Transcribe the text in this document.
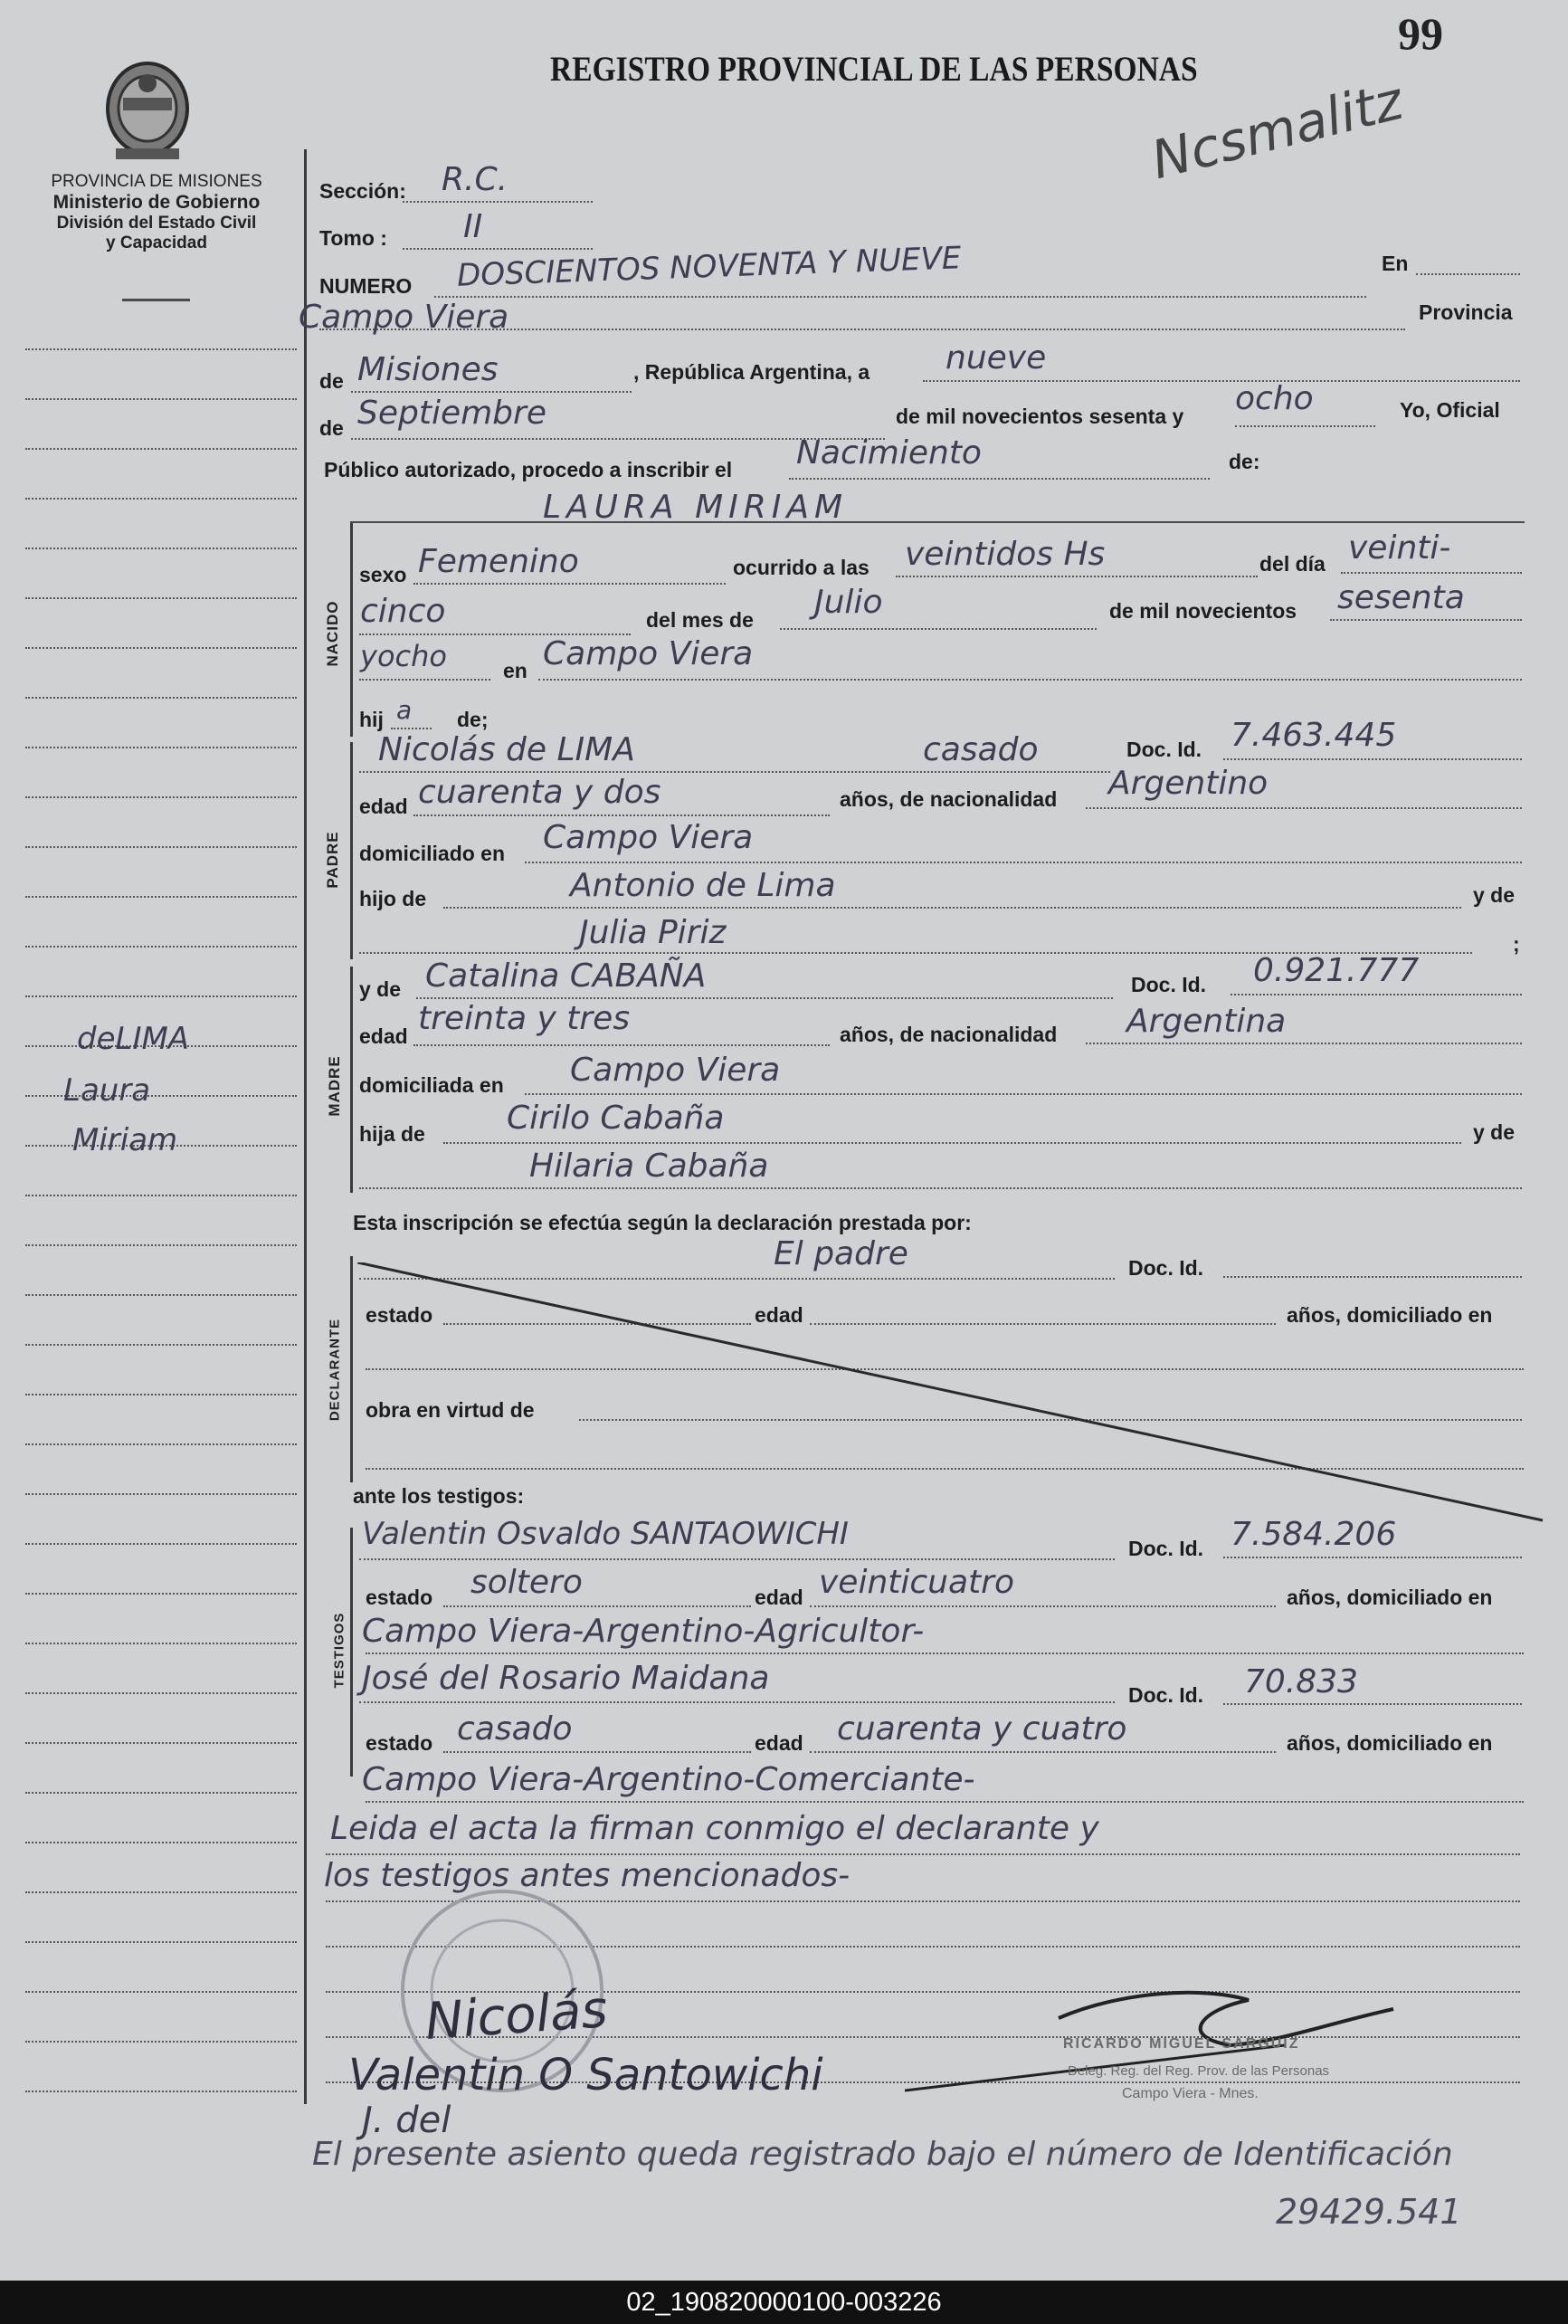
99
REGISTRO PROVINCIAL DE LAS PERSONAS
Ncsmalitz
PROVINCIA DE MISIONES
Ministerio de Gobierno
División del Estado Civil
y Capacidad
deLIMA
Laura
Miriam
Sección: R.C.
Tomo : II
NUMERO DOSCIENTOS NOVENTA Y NUEVE	En
Campo Viera	Provincia
de Misiones	, República Argentina, a nueve
de Septiembre	de mil novecientos sesenta y ocho	Yo, Oficial
Público autorizado, procedo a inscribir el Nacimiento	de:
NACIDO
LAURA MIRIAM
sexo Femenino	ocurrido a las veintidos Hs	del día veinti-
cinco	del mes de Julio	de mil novecientos sesenta
yocho	en Campo Viera
hij a de;
PADRE
Nicolás de LIMA	casado	Doc. Id. 7.463.445
edad cuarenta y dos	años, de nacionalidad Argentino
domiciliado en Campo Viera
hijo de	Antonio de Lima	y de
Julia Piriz	;
MADRE
y de Catalina CABAÑA	Doc. Id. 0.921.777
edad treinta y tres	años, de nacionalidad Argentina
domiciliada en Campo Viera
hija de	Cirilo Cabaña	y de
Hilaria Cabaña
Esta inscripción se efectúa según la declaración prestada por:
DECLARANTE
El padre	Doc. Id.
estado	edad	años, domiciliado en
obra en virtud de
ante los testigos:
TESTIGOS
Valentin Osvaldo SANTAOWICHI	Doc. Id. 7.584.206
estado soltero	edad veinticuatro	años, domiciliado en
Campo Viera-Argentino-Agricultor-
José del Rosario Maidana	Doc. Id. 70.833
estado casado	edad cuarenta y cuatro	años, domiciliado en
Campo Viera-Argentino-Comerciante-
Leida el acta la firman conmigo el declarante y
los testigos antes mencionados-
Nicolás
Valentin O Santowichi
J. del
RICARDO MIGUEL SARGUIZ
Deleg. Reg. del Reg. Prov. de las Personas
Campo Viera - Mnes.
El presente asiento queda registrado bajo el número de Identificación
29429.541
02_190820000100-003226
